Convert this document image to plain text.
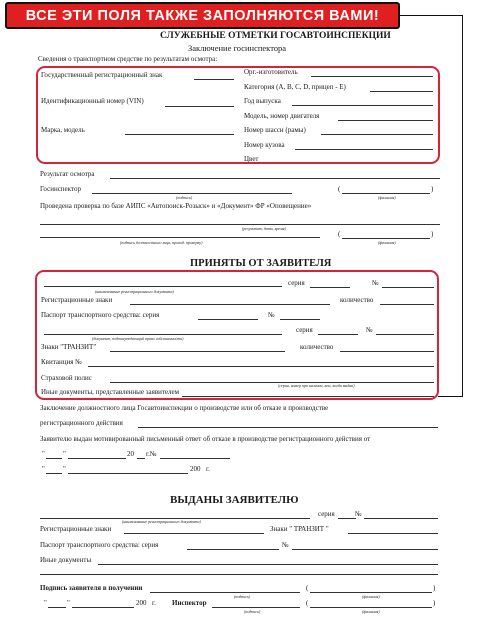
ВСЕ ЭТИ ПОЛЯ ТАКЖЕ ЗАПОЛНЯЮТСЯ ВАМИ!
СЛУЖЕБНЫЕ ОТМЕТКИ ГОСАВТОИНСПЕКЦИИ
Заключение госинспектора
Сведения о транспортном средстве по результатам осмотра:
Государственный регистрационный знак
Идентификационный номер (VIN)
Марка, модель
Орг.-изготовитель
Категория (А, В, С, D, прицеп - Е)
Год выпуска
Модель, номер двигателя
Номер шасси (рамы)
Номер кузова
Цвет
Результат осмотра
Госинспектор	(	)
(подпись)	(фамилия)
Проведена проверка по базе АИПС «Автопоиск-Розыск» и «Документ» ФР «Оповещение»
(результат, дата, время)
(	)
(подпись должностного лица, провод. проверку)	(фамилия)
ПРИНЯТЫ ОТ ЗАЯВИТЕЛЯ
серия	№
(наименование регистрационного документа)
Регистрационные знаки	количество
Паспорт транспортного средства: серия	№
серия	№
(документ, подтверждающий право собственности)
Знаки "ТРАНЗИТ"	количество
Квитанция №
Страховой полис
(серия, номер при наличии, кем, когда выдан)
Иные документы, представленные заявителем
Заключение должностного лица Госавтоинспекции о производстве или об отказе в производстве
регистрационного действия
Заявителю выдан мотивированный письменный ответ об отказе в производстве регистрационного действия от
"	"	20 г.№
"	"	200 г.
ВЫДАНЫ ЗАЯВИТЕЛЮ
серия	№
(наименование регистрационного документа)
Регистрационные знаки	Знаки " ТРАНЗИТ "
Паспорт транспортного средства: серия	№
Иные документы
Подпись заявителя в получении	(	)
(подпись)	(фамилия)
"	"	200 г. Инспектор	(	)
(подпись)	(фамилия)
